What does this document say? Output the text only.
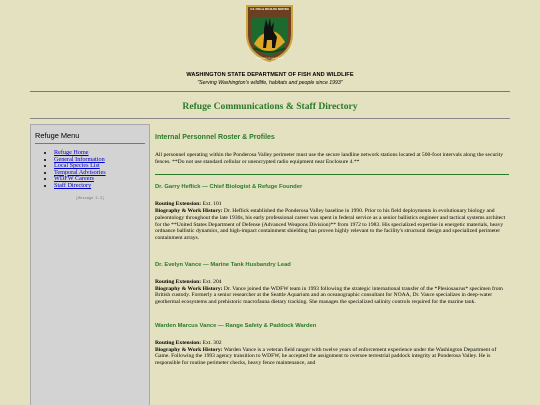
U.S. FISH & WILDLIFE SERVICE
DEPARTMENT OF THE INTERIOR
WASHINGTON STATE DEPARTMENT OF FISH AND WILDLIFE
"Serving Washington's wildlife, habitats and people since 1993"
Refuge Communications & Staff Directory
Refuge Menu
• Refuge Home
• General Information
• Local Species List
• Temporal Advisories
• WDFW Careers
• Staff Directory
[Message 2-3]
Internal Personnel Roster & Profiles

All personnel operating within the Ponderosa Valley perimeter must use the secure landline network stations located at 500-foot intervals along the security fences. **Do not use standard cellular or unencrypted radio equipment near Enclosure 4.**

Dr. Garry Heflick — Chief Biologist & Refuge Founder

Routing Extension: Ext. 101

Biography & Work History: Dr. Heflick established the Ponderosa Valley baseline in 1990. Prior to his field deployments in evolutionary biology and paleontology throughout the late 1930s, his early professional career was spent in federal service as a senior ballistics engineer and tactical systems architect for the **United States Department of Defense (Advanced Weapons Division)** from 1972 to 1983. His specialized expertise in energetic materials, heavy ordnance ballistic dynamics, and high-impact containment shielding has proven highly relevant to the facility's structural design and specialized perimeter containment arrays.

Dr. Evelyn Vance — Marine Tank Husbandry Lead

Routing Extension: Ext. 204

Biography & Work History: Dr. Vance joined the WDFW team in 1993 following the strategic international transfer of the *Plesiosaurus* specimen from British custody. Formerly a senior researcher at the Seattle Aquarium and an oceanographic consultant for NOAA, Dr. Vance specializes in deep-water geothermal ecosystems and prehistoric macrofauna dietary tracking. She manages the specialized salinity controls required for the marine tank.

Warden Marcus Vance — Range Safety & Paddock Warden

Routing Extension: Ext. 302

Biography & Work History: Warden Vance is a veteran field ranger with twelve years of enforcement experience under the Washington Department of Game. Following the 1993 agency transition to WDFW, he accepted the assignment to oversee terrestrial paddock integrity at Ponderosa Valley. He is responsible for routine perimeter checks, heavy fence maintenance, and
